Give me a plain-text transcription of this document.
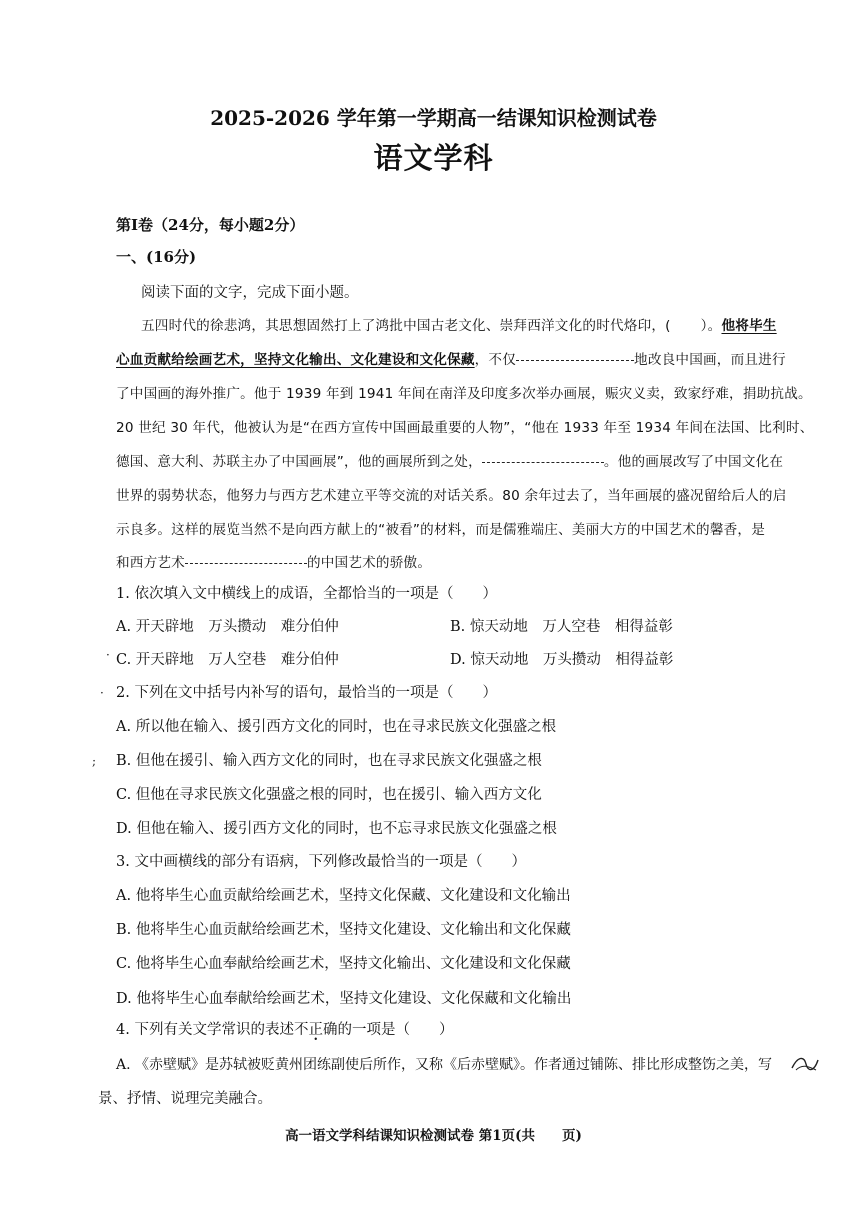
2025-2026 学年第一学期高一结课知识检测试卷
语文学科
第Ⅰ卷（24分，每小题2分）
一、(16分)
阅读下面的文字，完成下面小题。
五四时代的徐悲鸿，其思想固然打上了鸿批中国古老文化、崇拜西洋文化的时代烙印，( ）。他将毕生
心血贡献给绘画艺术，坚持文化输出、文化建设和文化保藏，不仅	地改良中国画，而且进行
了中国画的海外推广。他于 1939 年到 1941 年间在南洋及印度多次举办画展，赈灾义卖，致家纾难，捐助抗战。
20 世纪 30 年代，他被认为是“在西方宣传中国画最重要的人物”，“他在 1933 年至 1934 年间在法国、比利时、
德国、意大利、苏联主办了中国画展”，他的画展所到之处，	。他的画展改写了中国文化在
世界的弱势状态，他努力与西方艺术建立平等交流的对话关系。80 余年过去了，当年画展的盛况留给后人的启
示良多。这样的展览当然不是向西方献上的“被看”的材料，而是儒雅端庄、美丽大方的中国艺术的馨香，是
和西方艺术	的中国艺术的骄傲。
1. 依次填入文中横线上的成语，全都恰当的一项是（　　）
A. 开天辟地　万头攒动　难分伯仲	B. 惊天动地　万人空巷　相得益彰
C. 开天辟地　万人空巷　难分伯仲	D. 惊天动地　万头攒动　相得益彰
2. 下列在文中括号内补写的语句，最恰当的一项是（　　）
A. 所以他在输入、援引西方文化的同时，也在寻求民族文化强盛之根
B. 但他在援引、输入西方文化的同时，也在寻求民族文化强盛之根
C. 但他在寻求民族文化强盛之根的同时，也在援引、输入西方文化
D. 但他在输入、援引西方文化的同时，也不忘寻求民族文化强盛之根
3. 文中画横线的部分有语病，下列修改最恰当的一项是（　　）
A. 他将毕生心血贡献给绘画艺术，坚持文化保藏、文化建设和文化输出
B. 他将毕生心血贡献给绘画艺术，坚持文化建设、文化输出和文化保藏
C. 他将毕生心血奉献给绘画艺术，坚持文化输出、文化建设和文化保藏
D. 他将毕生心血奉献给绘画艺术，坚持文化建设、文化保藏和文化输出
4. 下列有关文学常识的表述不正确的一项是（　　）
A. 《赤壁赋》是苏轼被贬黄州团练副使后所作，又称《后赤壁赋》。作者通过铺陈、排比形成整饬之美，写
景、抒情、说理完美融合。
·
·
;
高一语文学科结课知识检测试卷 第1页(共　　页)
